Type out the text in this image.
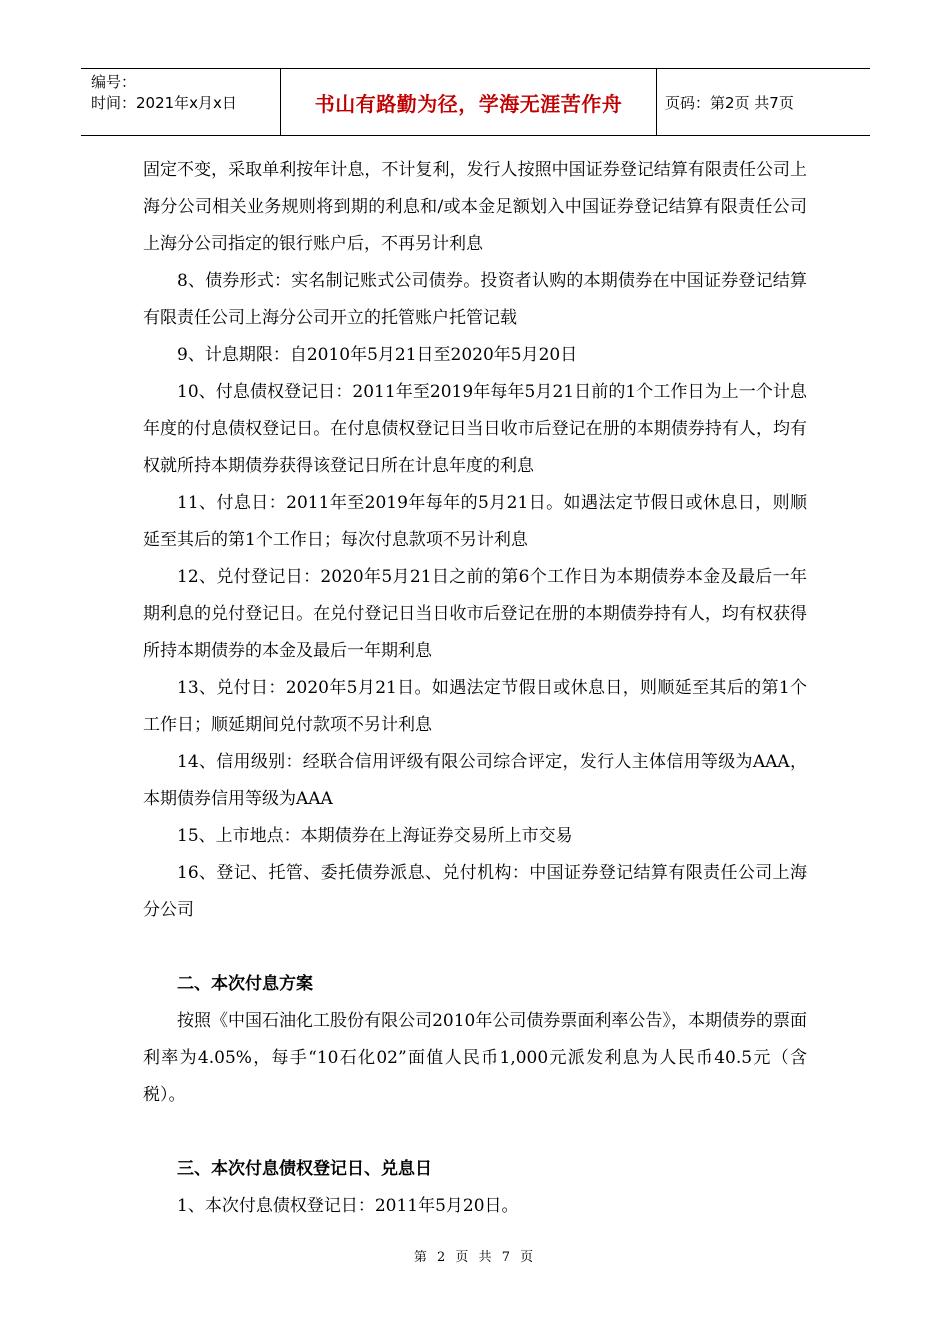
编号：
时间：2021年x月x日	书山有路勤为径，学海无涯苦作舟	页码：第2页 共7页

固定不变，采取单利按年计息，不计复利，发行人按照中国证券登记结算有限责任公司上海分公司相关业务规则将到期的利息和/或本金足额划入中国证券登记结算有限责任公司上海分公司指定的银行账户后，不再另计利息

8、债券形式：实名制记账式公司债券。投资者认购的本期债券在中国证券登记结算有限责任公司上海分公司开立的托管账户托管记载

9、计息期限：自2010年5月21日至2020年5月20日

10、付息债权登记日：2011年至2019年每年5月21日前的1个工作日为上一个计息年度的付息债权登记日。在付息债权登记日当日收市后登记在册的本期债券持有人，均有权就所持本期债券获得该登记日所在计息年度的利息

11、付息日：2011年至2019年每年的5月21日。如遇法定节假日或休息日，则顺延至其后的第1个工作日；每次付息款项不另计利息

12、兑付登记日：2020年5月21日之前的第6个工作日为本期债券本金及最后一年期利息的兑付登记日。在兑付登记日当日收市后登记在册的本期债券持有人，均有权获得所持本期债券的本金及最后一年期利息

13、兑付日：2020年5月21日。如遇法定节假日或休息日，则顺延至其后的第1个工作日；顺延期间兑付款项不另计利息

14、信用级别：经联合信用评级有限公司综合评定，发行人主体信用等级为AAA，本期债券信用等级为AAA

15、上市地点：本期债券在上海证券交易所上市交易

16、登记、托管、委托债券派息、兑付机构：中国证券登记结算有限责任公司上海分公司

二、本次付息方案

按照《中国石油化工股份有限公司2010年公司债券票面利率公告》，本期债券的票面利率为4.05%，每手“10石化02”面值人民币1,000元派发利息为人民币40.5元（含税）。

三、本次付息债权登记日、兑息日

1、本次付息债权登记日：2011年5月20日。

第 2 页 共 7 页
